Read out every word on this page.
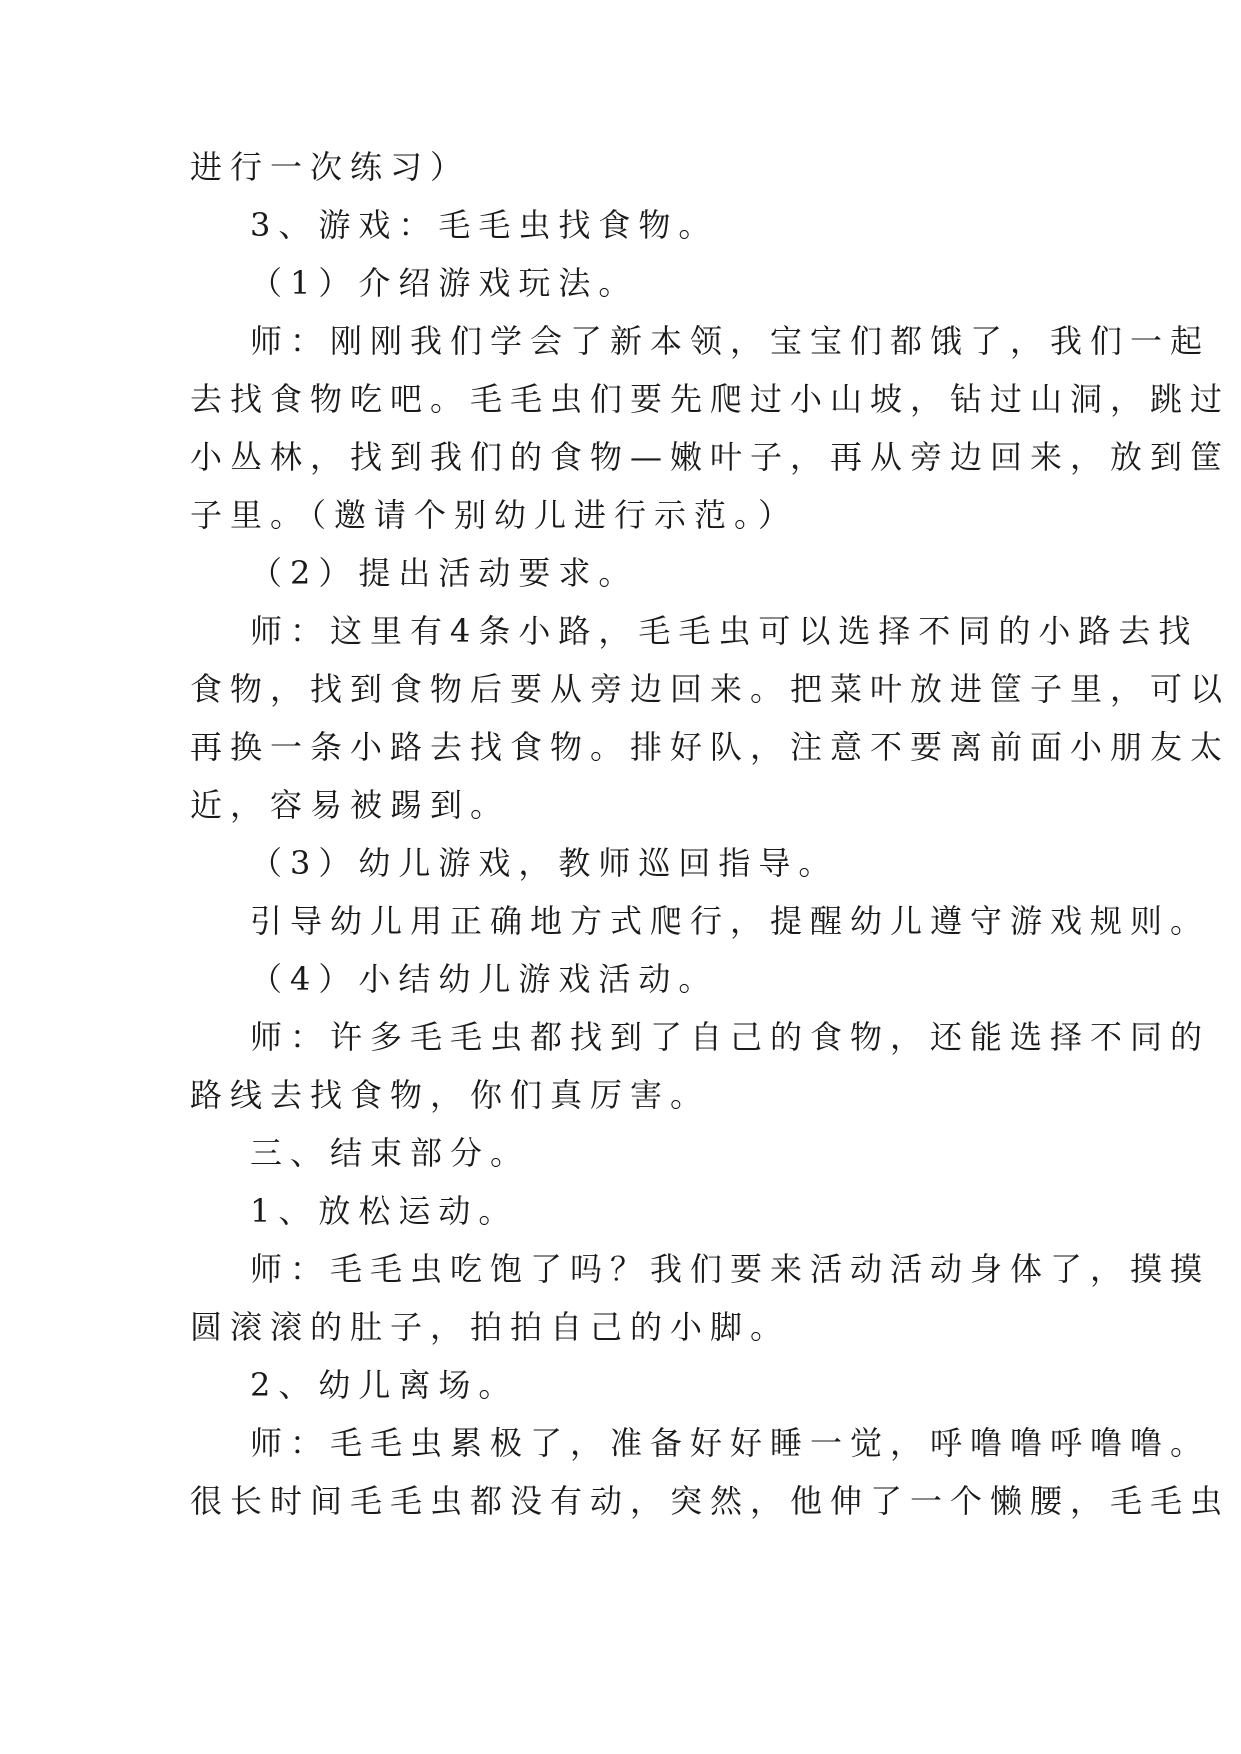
进行一次练习）
3、游戏：毛毛虫找食物。
（1）介绍游戏玩法。
师：刚刚我们学会了新本领，宝宝们都饿了，我们一起
去找食物吃吧。毛毛虫们要先爬过小山坡，钻过山洞，跳过
小丛林，找到我们的食物—嫩叶子，再从旁边回来，放到筐
子里。（邀请个别幼儿进行示范。）
（2）提出活动要求。
师：这里有4条小路，毛毛虫可以选择不同的小路去找
食物，找到食物后要从旁边回来。把菜叶放进筐子里，可以
再换一条小路去找食物。排好队，注意不要离前面小朋友太
近，容易被踢到。
（3）幼儿游戏，教师巡回指导。
引导幼儿用正确地方式爬行，提醒幼儿遵守游戏规则。
（4）小结幼儿游戏活动。
师：许多毛毛虫都找到了自己的食物，还能选择不同的
路线去找食物，你们真厉害。
三、结束部分。
1、放松运动。
师：毛毛虫吃饱了吗？我们要来活动活动身体了，摸摸
圆滚滚的肚子，拍拍自己的小脚。
2、幼儿离场。
师：毛毛虫累极了，准备好好睡一觉，呼噜噜呼噜噜。
很长时间毛毛虫都没有动，突然，他伸了一个懒腰，毛毛虫
